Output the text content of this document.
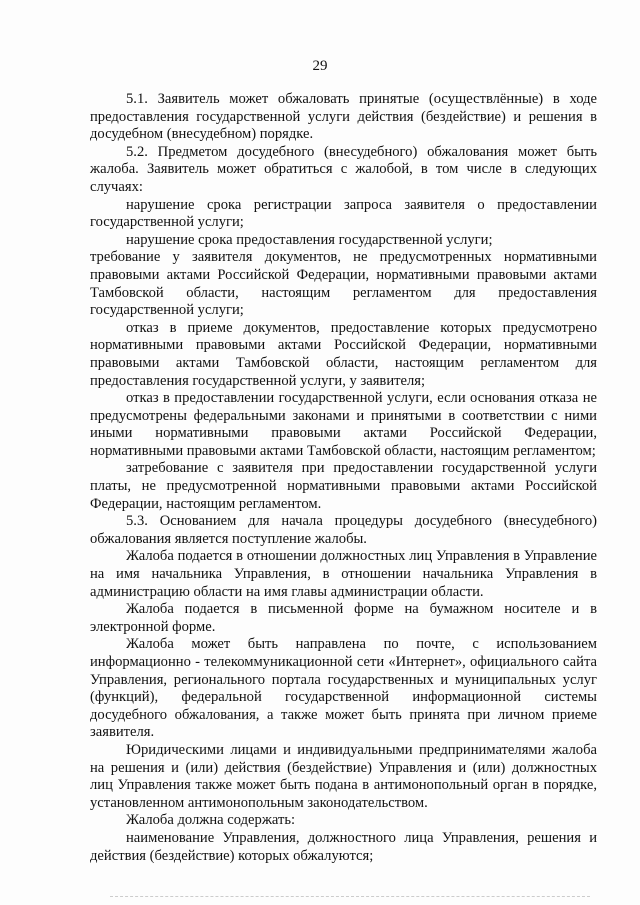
29

5.1. Заявитель может обжаловать принятые (осуществлённые) в ходе предоставления государственной услуги действия (бездействие) и решения в досудебном (внесудебном) порядке.

5.2. Предметом досудебного (внесудебного) обжалования может быть жалоба. Заявитель может обратиться с жалобой, в том числе в следующих случаях:

нарушение срока регистрации запроса заявителя о предоставлении государственной услуги;

нарушение срока предоставления государственной услуги;

требование у заявителя документов, не предусмотренных нормативными правовыми актами Российской Федерации, нормативными правовыми актами Тамбовской области, настоящим регламентом для предоставления государственной услуги;

отказ в приеме документов, предоставление которых предусмотрено нормативными правовыми актами Российской Федерации, нормативными правовыми актами Тамбовской области, настоящим регламентом для предоставления государственной услуги, у заявителя;

отказ в предоставлении государственной услуги, если основания отказа не предусмотрены федеральными законами и принятыми в соответствии с ними иными нормативными правовыми актами Российской Федерации, нормативными правовыми актами Тамбовской области, настоящим регламентом;

затребование с заявителя при предоставлении государственной услуги платы, не предусмотренной нормативными правовыми актами Российской Федерации, настоящим регламентом.

5.3. Основанием для начала процедуры досудебного (внесудебного) обжалования является поступление жалобы.

Жалоба подается в отношении должностных лиц Управления в Управление на имя начальника Управления, в отношении начальника Управления в администрацию области на имя главы администрации области.

Жалоба подается в письменной форме на бумажном носителе и в электронной форме.

Жалоба может быть направлена по почте, с использованием информационно - телекоммуникационной сети «Интернет», официального сайта Управления, регионального портала государственных и муниципальных услуг (функций), федеральной государственной информационной системы досудебного обжалования, а также может быть принята при личном приеме заявителя.

Юридическими лицами и индивидуальными предпринимателями жалоба на решения и (или) действия (бездействие) Управления и (или) должностных лиц Управления также может быть подана в антимонопольный орган в порядке, установленном антимонопольным законодательством.

Жалоба должна содержать:

наименование Управления, должностного лица Управления, решения и действия (бездействие) которых обжалуются;
